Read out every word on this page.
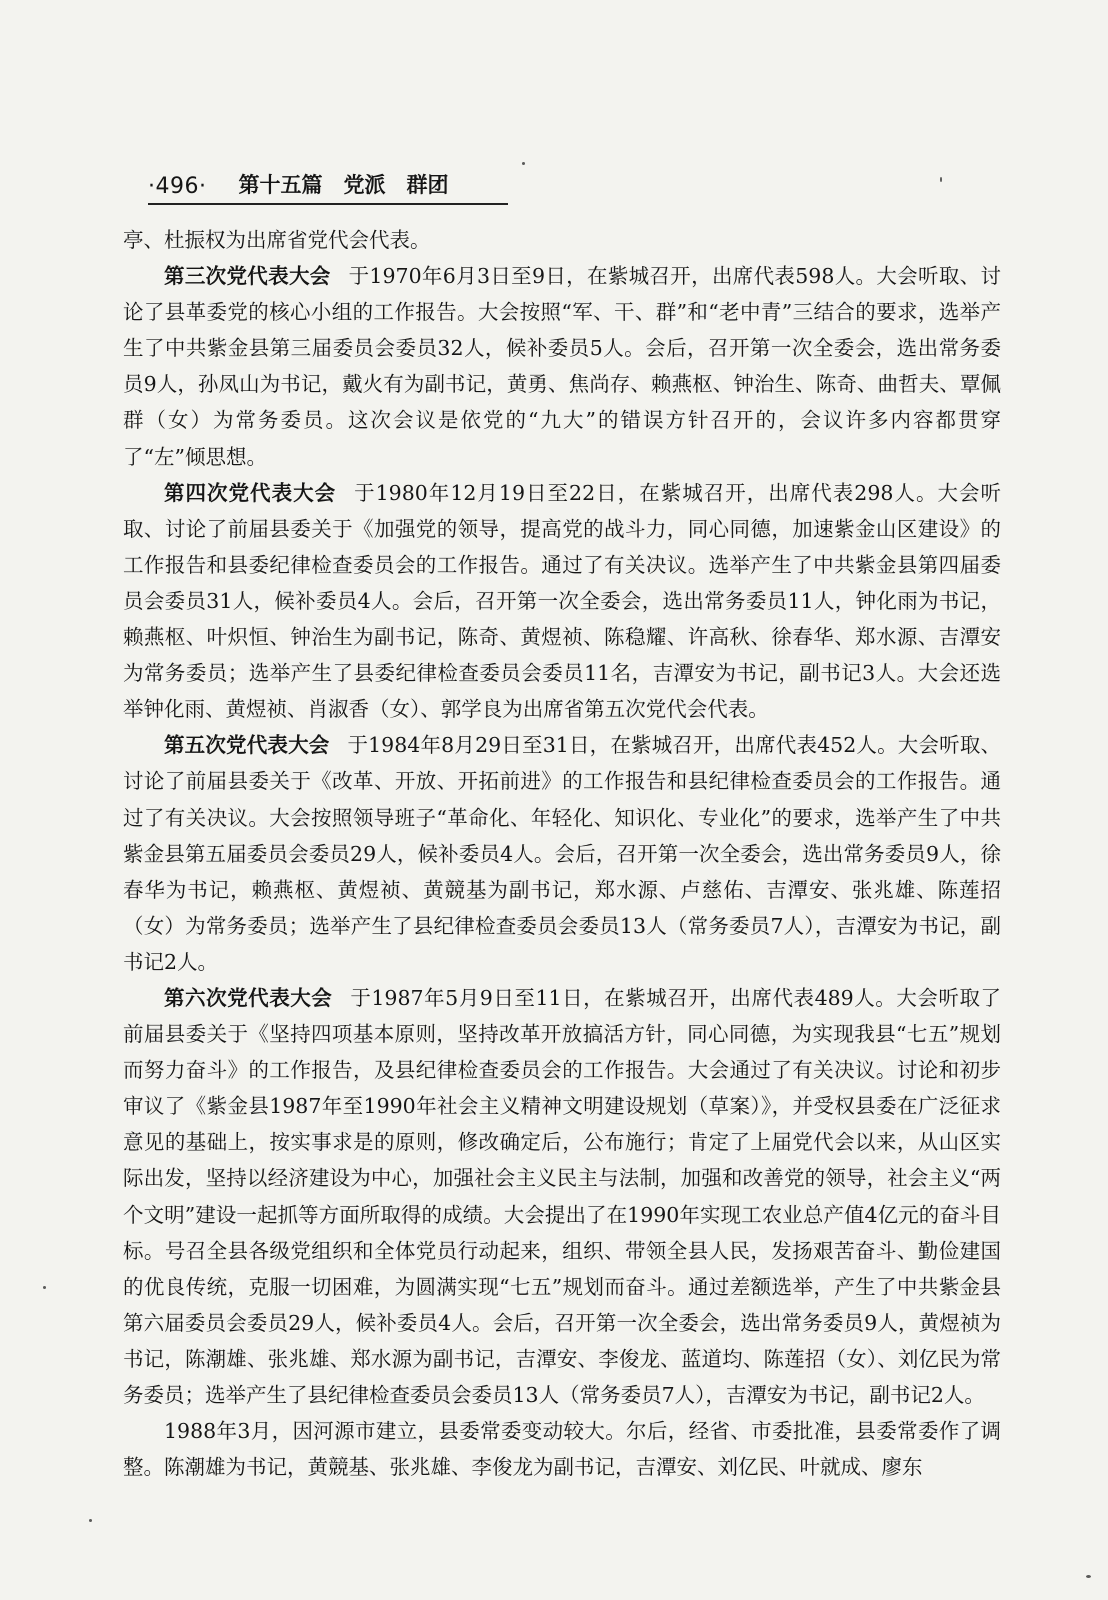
·496· 第十五篇　党派　群团

亭、杜振权为出席省党代会代表。

第三次党代表大会 于1970年6月3日至9日，在紫城召开，出席代表598人。大会听取、讨论了县革委党的核心小组的工作报告。大会按照“军、干、群”和“老中青”三结合的要求，选举产生了中共紫金县第三届委员会委员32人，候补委员5人。会后，召开第一次全委会，选出常务委员9人，孙凤山为书记，戴火有为副书记，黄勇、焦尚存、赖燕枢、钟治生、陈奇、曲哲夫、覃佩群（女）为常务委员。这次会议是依党的“九大”的错误方针召开的，会议许多内容都贯穿了“左”倾思想。

第四次党代表大会 于1980年12月19日至22日，在紫城召开，出席代表298人。大会听取、讨论了前届县委关于《加强党的领导，提高党的战斗力，同心同德，加速紫金山区建设》的工作报告和县委纪律检查委员会的工作报告。通过了有关决议。选举产生了中共紫金县第四届委员会委员31人，候补委员4人。会后，召开第一次全委会，选出常务委员11人，钟化雨为书记，赖燕枢、叶炽恒、钟治生为副书记，陈奇、黄煜祯、陈稳耀、许高秋、徐春华、郑水源、吉潭安为常务委员；选举产生了县委纪律检查委员会委员11名，吉潭安为书记，副书记3人。大会还选举钟化雨、黄煜祯、肖淑香（女）、郭学良为出席省第五次党代会代表。

第五次党代表大会 于1984年8月29日至31日，在紫城召开，出席代表452人。大会听取、讨论了前届县委关于《改革、开放、开拓前进》的工作报告和县纪律检查委员会的工作报告。通过了有关决议。大会按照领导班子“革命化、年轻化、知识化、专业化”的要求，选举产生了中共紫金县第五届委员会委员29人，候补委员4人。会后，召开第一次全委会，选出常务委员9人，徐春华为书记，赖燕枢、黄煜祯、黄競基为副书记，郑水源、卢慈佑、吉潭安、张兆雄、陈莲招（女）为常务委员；选举产生了县纪律检查委员会委员13人（常务委员7人），吉潭安为书记，副书记2人。

第六次党代表大会 于1987年5月9日至11日，在紫城召开，出席代表489人。大会听取了前届县委关于《坚持四项基本原则，坚持改革开放搞活方针，同心同德，为实现我县“七五”规划而努力奋斗》的工作报告，及县纪律检查委员会的工作报告。大会通过了有关决议。讨论和初步审议了《紫金县1987年至1990年社会主义精神文明建设规划（草案）》，并受权县委在广泛征求意见的基础上，按实事求是的原则，修改确定后，公布施行；肯定了上届党代会以来，从山区实际出发，坚持以经济建设为中心，加强社会主义民主与法制，加强和改善党的领导，社会主义“两个文明”建设一起抓等方面所取得的成绩。大会提出了在1990年实现工农业总产值4亿元的奋斗目标。号召全县各级党组织和全体党员行动起来，组织、带领全县人民，发扬艰苦奋斗、勤俭建国的优良传统，克服一切困难，为圆满实现“七五”规划而奋斗。通过差额选举，产生了中共紫金县第六届委员会委员29人，候补委员4人。会后，召开第一次全委会，选出常务委员9人，黄煜祯为书记，陈潮雄、张兆雄、郑水源为副书记，吉潭安、李俊龙、蓝道均、陈莲招（女）、刘亿民为常务委员；选举产生了县纪律检查委员会委员13人（常务委员7人），吉潭安为书记，副书记2人。

1988年3月，因河源市建立，县委常委变动较大。尔后，经省、市委批准，县委常委作了调整。陈潮雄为书记，黄競基、张兆雄、李俊龙为副书记，吉潭安、刘亿民、叶就成、廖东
